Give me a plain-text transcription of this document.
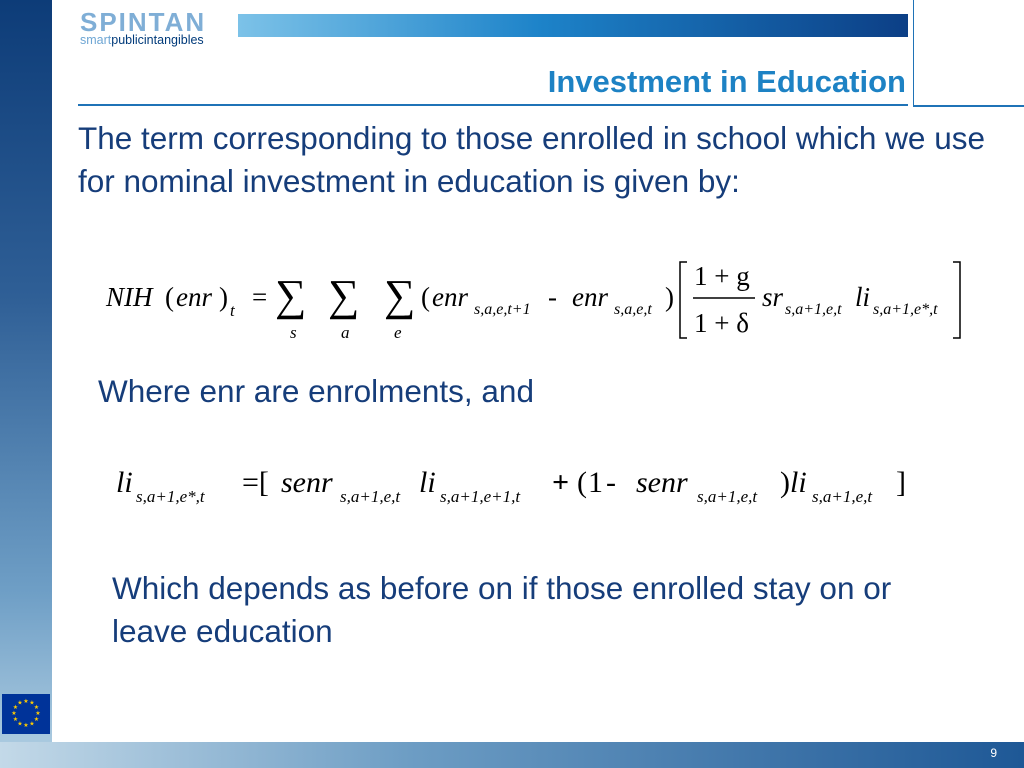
★ ★
★
★
★
★
★
★
★
★
★
★
9
SPINTAN
smartpublicintangibles
Investment in Education
The term corresponding to those enrolled in school which we use for nominal investment in education is given by:
NIH ( enr ) t = ∑
s
∑
a
∑
e
( enr s,a,e,t+1 - enr s,a,e,t )
1 + g
1 + δ
sr s,a+1,e,t li s,a+1,e*,t
Where enr are enrolments, and
li s,a+1,e*,t =[ senr s,a+1,e,t li s,a+1,e+1,t + ( 1 - senr s,a+1,e,t ) li s,a+1,e,t ]
Which depends as before on if those enrolled stay on or leave education
